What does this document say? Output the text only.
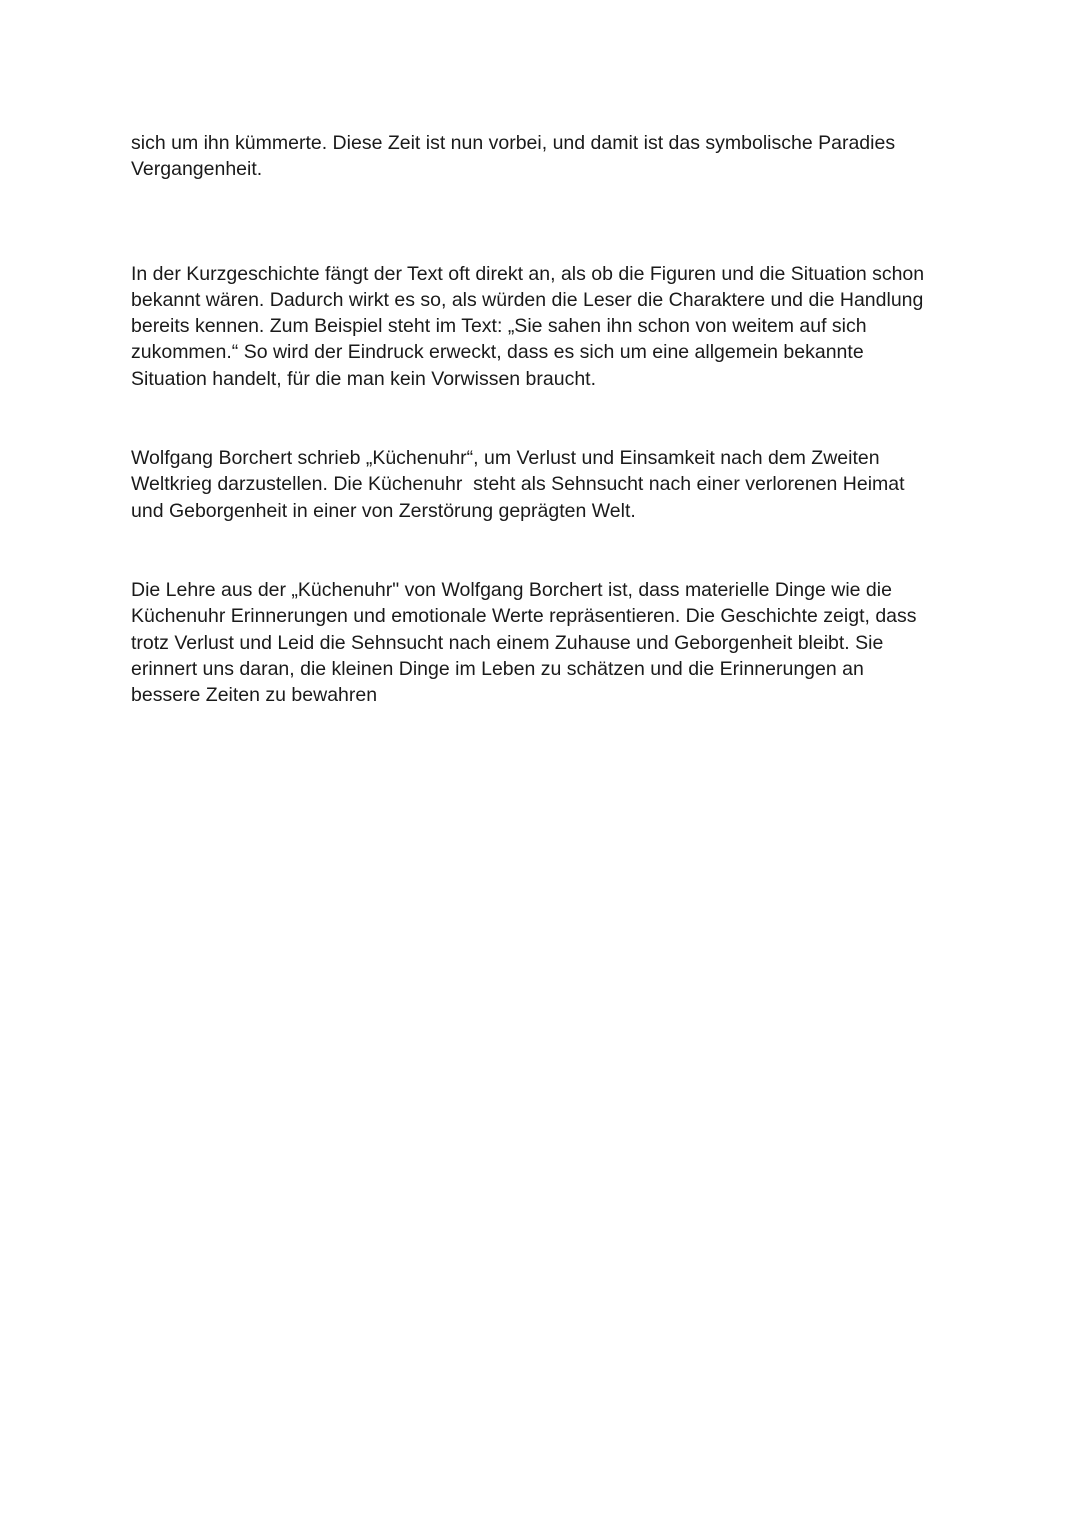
sich um ihn kümmerte. Diese Zeit ist nun vorbei, und damit ist das symbolische Paradies
Vergangenheit.

In der Kurzgeschichte fängt der Text oft direkt an, als ob die Figuren und die Situation schon
bekannt wären. Dadurch wirkt es so, als würden die Leser die Charaktere und die Handlung
bereits kennen. Zum Beispiel steht im Text: „Sie sahen ihn schon von weitem auf sich
zukommen.“ So wird der Eindruck erweckt, dass es sich um eine allgemein bekannte
Situation handelt, für die man kein Vorwissen braucht.

Wolfgang Borchert schrieb „Küchenuhr“, um Verlust und Einsamkeit nach dem Zweiten
Weltkrieg darzustellen. Die Küchenuhr  steht als Sehnsucht nach einer verlorenen Heimat
und Geborgenheit in einer von Zerstörung geprägten Welt.

Die Lehre aus der „Küchenuhr" von Wolfgang Borchert ist, dass materielle Dinge wie die
Küchenuhr Erinnerungen und emotionale Werte repräsentieren. Die Geschichte zeigt, dass
trotz Verlust und Leid die Sehnsucht nach einem Zuhause und Geborgenheit bleibt. Sie
erinnert uns daran, die kleinen Dinge im Leben zu schätzen und die Erinnerungen an
bessere Zeiten zu bewahren
